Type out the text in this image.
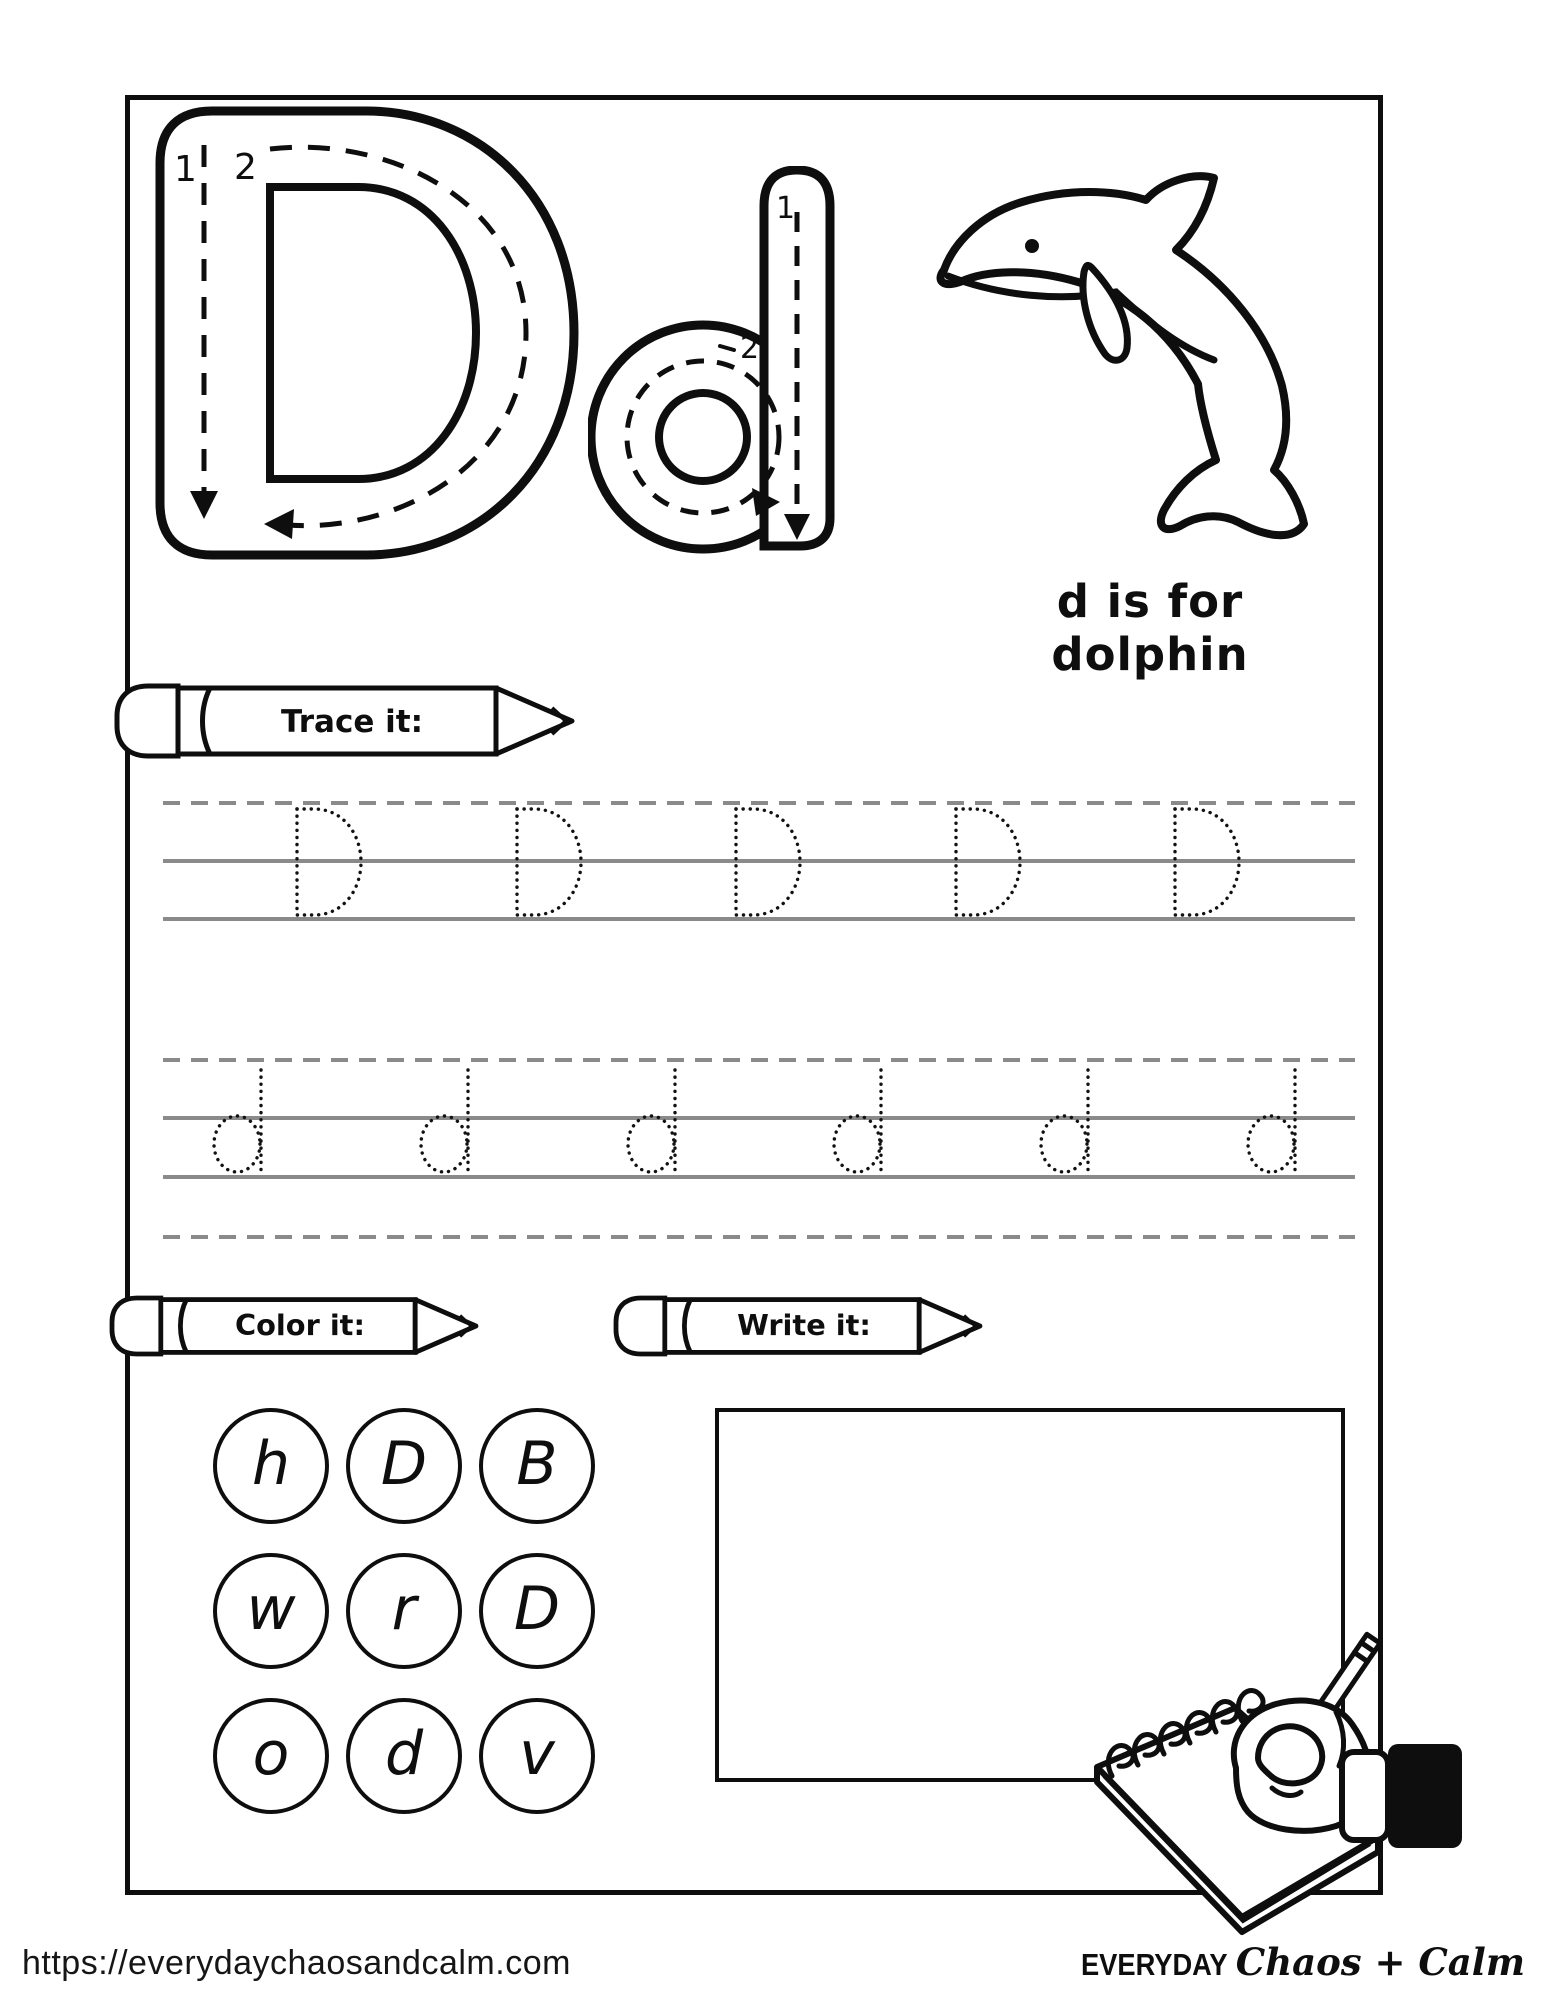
1 2
1
2
d is for dolphin
Trace it:
Color it:	Write it:
h D B
w r D
o d v
https://everydaychaosandcalm.com	EVERYDAY Chaos + Calm
